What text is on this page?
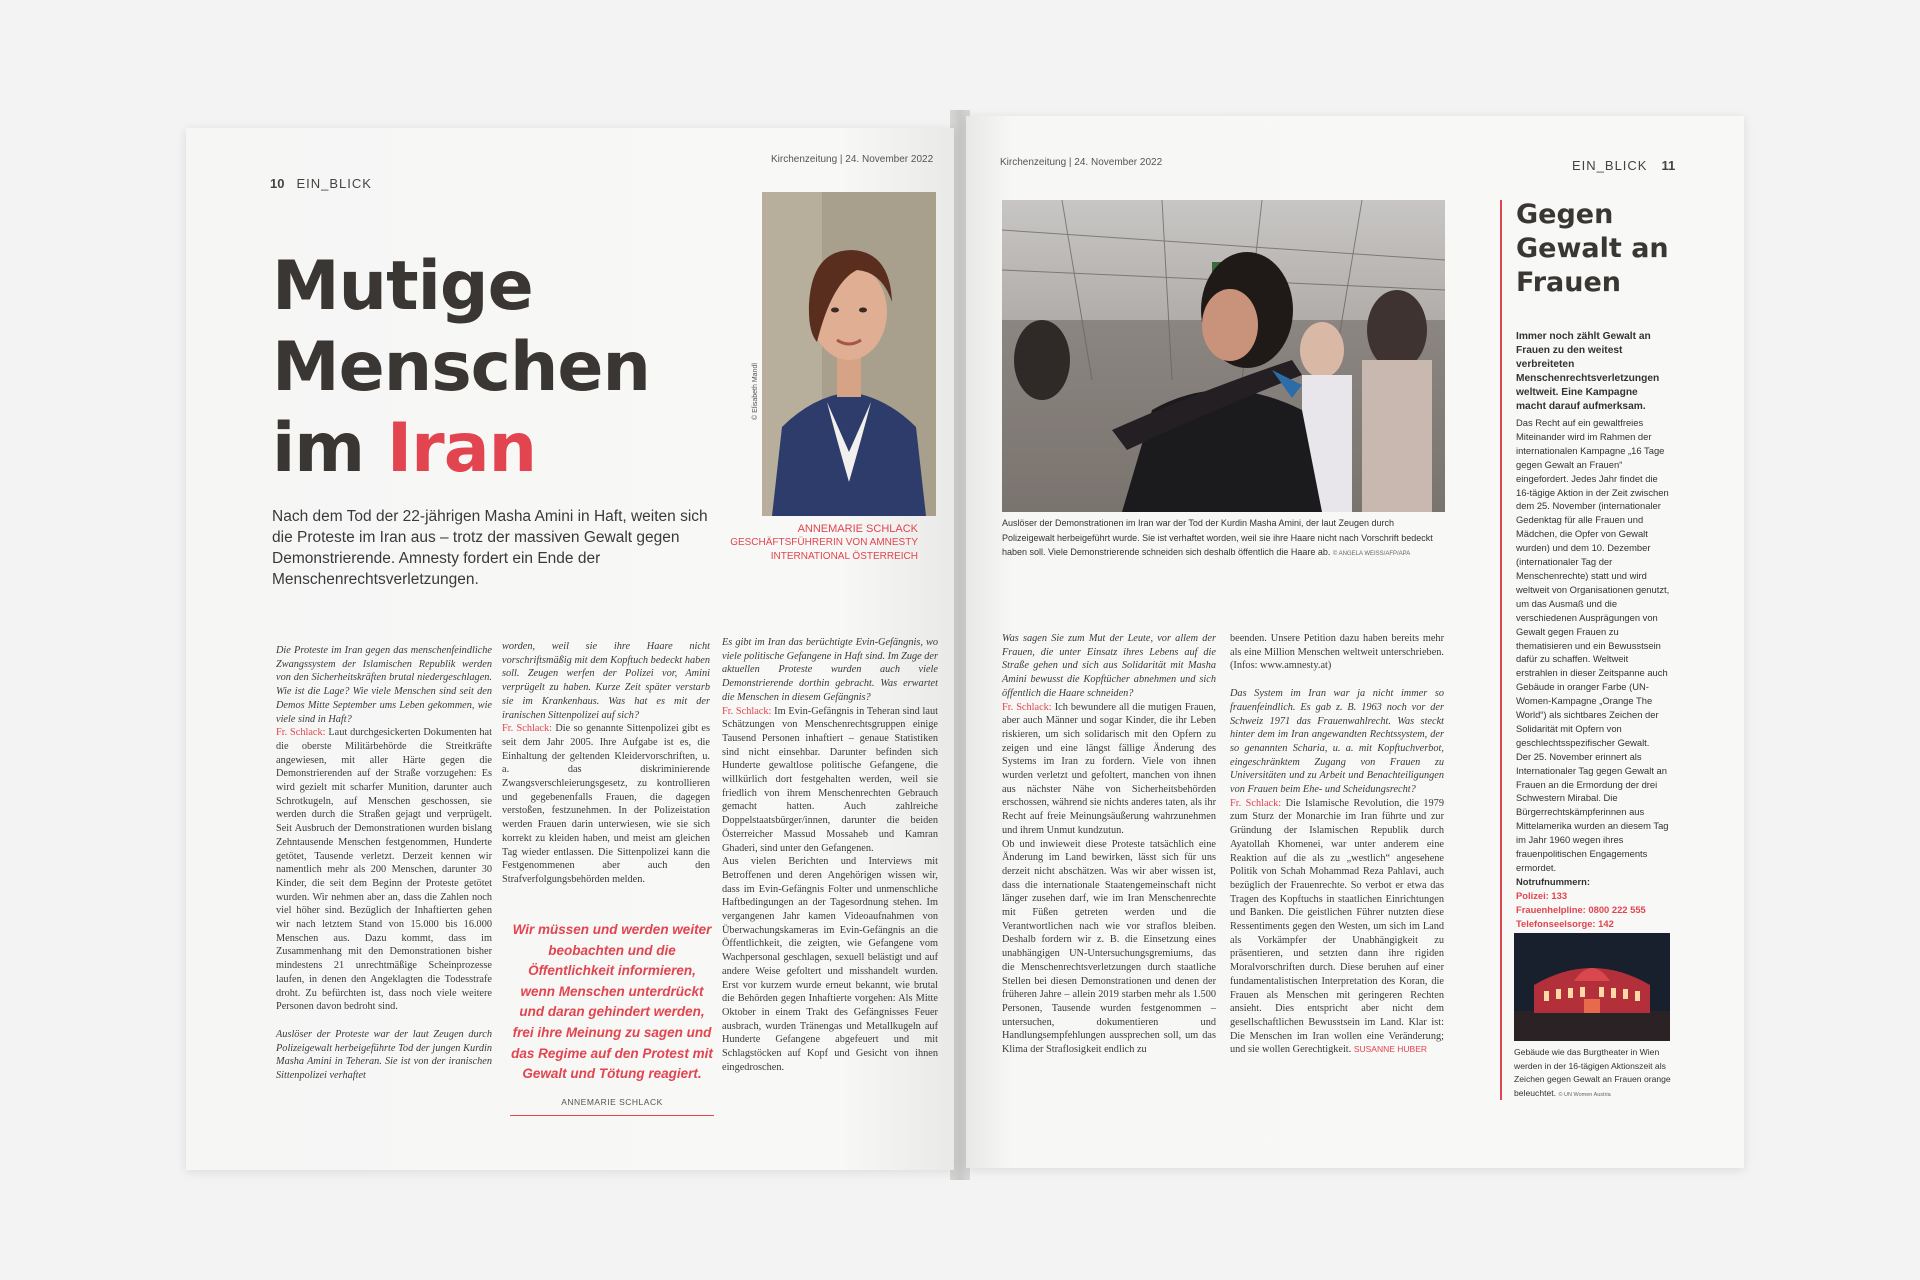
10 EIN_BLICK
Kirchenzeitung | 24. November 2022
Mutige
Menschen
im Iran
Nach dem Tod der 22-jährigen Masha Amini in Haft, weiten sich die Proteste im Iran aus – trotz der massiven Gewalt gegen Demonstrierende. Amnesty fordert ein Ende der Menschenrechtsverletzungen.
© Elisabeth Mandl
ANNEMARIE SCHLACK
GESCHÄFTSFÜHRERIN VON AMNESTY
INTERNATIONAL ÖSTERREICH

Die Proteste im Iran gegen das menschenfeindliche Zwangssystem der Islamischen Republik werden von den Sicherheitskräften brutal niedergeschlagen. Wie ist die Lage? Wie viele Menschen sind seit den Demos Mitte September ums Leben gekommen, wie viele sind in Haft?

Fr. Schlack: Laut durchgesickerten Dokumenten hat die oberste Militärbehörde die Streitkräfte angewiesen, mit aller Härte gegen die Demonstrierenden auf der Straße vorzugehen: Es wird gezielt mit scharfer Munition, darunter auch Schrotkugeln, auf Menschen geschossen, sie werden durch die Straßen gejagt und verprügelt. Seit Ausbruch der Demonstrationen wurden bislang Zehntausende Menschen festgenommen, Hunderte getötet, Tausende verletzt. Derzeit kennen wir namentlich mehr als 200 Menschen, darunter 30 Kinder, die seit dem Beginn der Proteste getötet wurden. Wir nehmen aber an, dass die Zahlen noch viel höher sind. Bezüglich der Inhaftierten gehen wir nach letztem Stand von 15.000 bis 16.000 Menschen aus. Dazu kommt, dass im Zusammenhang mit den Demonstrationen bisher mindestens 21 unrechtmäßige Scheinprozesse laufen, in denen den Angeklagten die Todesstrafe droht. Zu befürchten ist, dass noch viele weitere Personen davon bedroht sind.

Auslöser der Proteste war der laut Zeugen durch Polizeigewalt herbeigeführte Tod der jungen Kurdin Masha Amini in Teheran. Sie ist von der iranischen Sittenpolizei verhaftet

worden, weil sie ihre Haare nicht vorschriftsmäßig mit dem Kopftuch bedeckt haben soll. Zeugen werfen der Polizei vor, Amini verprügelt zu haben. Kurze Zeit später verstarb sie im Krankenhaus. Was hat es mit der iranischen Sittenpolizei auf sich?

Fr. Schlack: Die so genannte Sittenpolizei gibt es seit dem Jahr 2005. Ihre Aufgabe ist es, die Einhaltung der geltenden Kleidervorschriften, u. a. das diskriminierende Zwangsverschleierungsgesetz, zu kontrollieren und gegebenenfalls Frauen, die dagegen verstoßen, festzunehmen. In der Polizeistation werden Frauen darin unterwiesen, wie sie sich korrekt zu kleiden haben, und meist am gleichen Tag wieder entlassen. Die Sittenpolizei kann die Festgenommenen aber auch den Strafverfolgungsbehörden melden.

Wir müssen und werden weiter beobachten und die Öffentlichkeit informieren, wenn Menschen unterdrückt und daran gehindert werden, frei ihre Meinung zu sagen und das Regime auf den Protest mit Gewalt und Tötung reagiert.
ANNEMARIE SCHLACK

Es gibt im Iran das berüchtigte Evin-Gefängnis, wo viele politische Gefangene in Haft sind. Im Zuge der aktuellen Proteste wurden auch viele Demonstrierende dorthin gebracht. Was erwartet die Menschen in diesem Gefängnis?

Fr. Schlack: Im Evin-Gefängnis in Teheran sind laut Schätzungen von Menschenrechtsgruppen einige Tausend Personen inhaftiert – genaue Statistiken sind nicht einsehbar. Darunter befinden sich Hunderte gewaltlose politische Gefangene, die willkürlich dort festgehalten werden, weil sie friedlich von ihrem Menschenrechten Gebrauch gemacht hatten. Auch zahlreiche Doppelstaatsbürger/innen, darunter die beiden Österreicher Massud Mossaheb und Kamran Ghaderi, sind unter den Gefangenen.

Aus vielen Berichten und Interviews mit Betroffenen und deren Angehörigen wissen wir, dass im Evin-Gefängnis Folter und unmenschliche Haftbedingungen an der Tagesordnung stehen. Im vergangenen Jahr kamen Videoaufnahmen von Überwachungskameras im Evin-Gefängnis an die Öffentlichkeit, die zeigten, wie Gefangene vom Wachpersonal geschlagen, sexuell belästigt und auf andere Weise gefoltert und misshandelt wurden. Erst vor kurzem wurde erneut bekannt, wie brutal die Behörden gegen Inhaftierte vorgehen: Als Mitte Oktober in einem Trakt des Gefängnisses Feuer ausbrach, wurden Tränengas und Metallkugeln auf Hunderte Gefangene abgefeuert und mit Schlagstöcken auf Kopf und Gesicht von ihnen eingedroschen.

Kirchenzeitung | 24. November 2022	EIN_BLICK 11
Auslöser der Demonstrationen im Iran war der Tod der Kurdin Masha Amini, der laut Zeugen durch Polizeigewalt herbeigeführt wurde. Sie ist verhaftet worden, weil sie ihre Haare nicht nach Vorschrift bedeckt haben soll. Viele Demonstrierende schneiden sich deshalb öffentlich die Haare ab. © ANGELA WEISS/AFP/APA

Was sagen Sie zum Mut der Leute, vor allem der Frauen, die unter Einsatz ihres Lebens auf die Straße gehen und sich aus Solidarität mit Masha Amini bewusst die Kopftücher abnehmen und sich öffentlich die Haare schneiden?

Fr. Schlack: Ich bewundere all die mutigen Frauen, aber auch Männer und sogar Kinder, die ihr Leben riskieren, um sich solidarisch mit den Opfern zu zeigen und eine längst fällige Änderung des Systems im Iran zu fordern. Viele von ihnen wurden verletzt und gefoltert, manchen von ihnen aus nächster Nähe von Sicherheitsbehörden erschossen, während sie nichts anderes taten, als ihr Recht auf freie Meinungsäußerung wahrzunehmen und ihrem Unmut kundzutun.

Ob und inwieweit diese Proteste tatsächlich eine Änderung im Land bewirken, lässt sich für uns derzeit nicht abschätzen. Was wir aber wissen ist, dass die internationale Staatengemeinschaft nicht länger zusehen darf, wie im Iran Menschenrechte mit Füßen getreten werden und die Verantwortlichen nach wie vor straflos bleiben. Deshalb fordern wir z. B. die Einsetzung eines unabhängigen UN-Untersuchungsgremiums, das die Menschenrechtsverletzungen durch staatliche Stellen bei diesen Demonstrationen und denen der früheren Jahre – allein 2019 starben mehr als 1.500 Personen, Tausende wurden festgenommen – untersuchen, dokumentieren und Handlungsempfehlungen aussprechen soll, um das Klima der Straflosigkeit endlich zu

beenden. Unsere Petition dazu haben bereits mehr als eine Million Menschen weltweit unterschrieben. (Infos: www.amnesty.at)

Das System im Iran war ja nicht immer so frauenfeindlich. Es gab z. B. 1963 noch vor der Schweiz 1971 das Frauenwahlrecht. Was steckt hinter dem im Iran angewandten Rechtssystem, der so genannten Scharia, u. a. mit Kopftuchverbot, eingeschränktem Zugang von Frauen zu Universitäten und zu Arbeit und Benachteiligungen von Frauen beim Ehe- und Scheidungsrecht?

Fr. Schlack: Die Islamische Revolution, die 1979 zum Sturz der Monarchie im Iran führte und zur Gründung der Islamischen Republik durch Ayatollah Khomenei, war unter anderem eine Reaktion auf die als zu „westlich“ angesehene Politik von Schah Mohammad Reza Pahlavi, auch bezüglich der Frauenrechte. So verbot er etwa das Tragen des Kopftuchs in staatlichen Einrichtungen und Banken. Die geistlichen Führer nutzten diese Ressentiments gegen den Westen, um sich im Land als Vorkämpfer der Unabhängigkeit zu präsentieren, und setzten dann ihre rigiden Moralvorschriften durch. Diese beruhen auf einer fundamentalistischen Interpretation des Koran, die Frauen als Menschen mit geringeren Rechten ansieht. Dies entspricht aber nicht dem gesellschaftlichen Bewusstsein im Land. Klar ist: Die Menschen im Iran wollen eine Veränderung; und sie wollen Gerechtigkeit. SUSANNE HUBER

Gegen
Gewalt an
Frauen
Immer noch zählt Gewalt an Frauen zu den weitest verbreiteten Menschenrechtsverletzungen weltweit. Eine Kampagne macht darauf aufmerksam.
Das Recht auf ein gewaltfreies Miteinander wird im Rahmen der internationalen Kampagne „16 Tage gegen Gewalt an Frauen“ eingefordert. Jedes Jahr findet die 16-tägige Aktion in der Zeit zwischen dem 25. November (internationaler Gedenktag für alle Frauen und Mädchen, die Opfer von Gewalt wurden) und dem 10. Dezember (internationaler Tag der Menschenrechte) statt und wird weltweit von Organisationen genutzt, um das Ausmaß und die verschiedenen Ausprägungen von Gewalt gegen Frauen zu thematisieren und ein Bewusstsein dafür zu schaffen. Weltweit erstrahlen in dieser Zeitspanne auch Gebäude in oranger Farbe (UN-Women-Kampagne „Orange The World“) als sichtbares Zeichen der Solidarität mit Opfern von geschlechtsspezifischer Gewalt.
Der 25. November erinnert als Internationaler Tag gegen Gewalt an Frauen an die Ermordung der drei Schwestern Mirabal. Die Bürgerrechtskämpferinnen aus Mittelamerika wurden an diesem Tag im Jahr 1960 wegen ihres frauenpolitischen Engagements ermordet.
Notrufnummern:
Polizei: 133
Frauenhelpline: 0800 222 555
Telefonseelsorge: 142
Gebäude wie das Burgtheater in Wien werden in der 16-tägigen Aktionszeit als Zeichen gegen Gewalt an Frauen orange beleuchtet. © UN Women Austria
